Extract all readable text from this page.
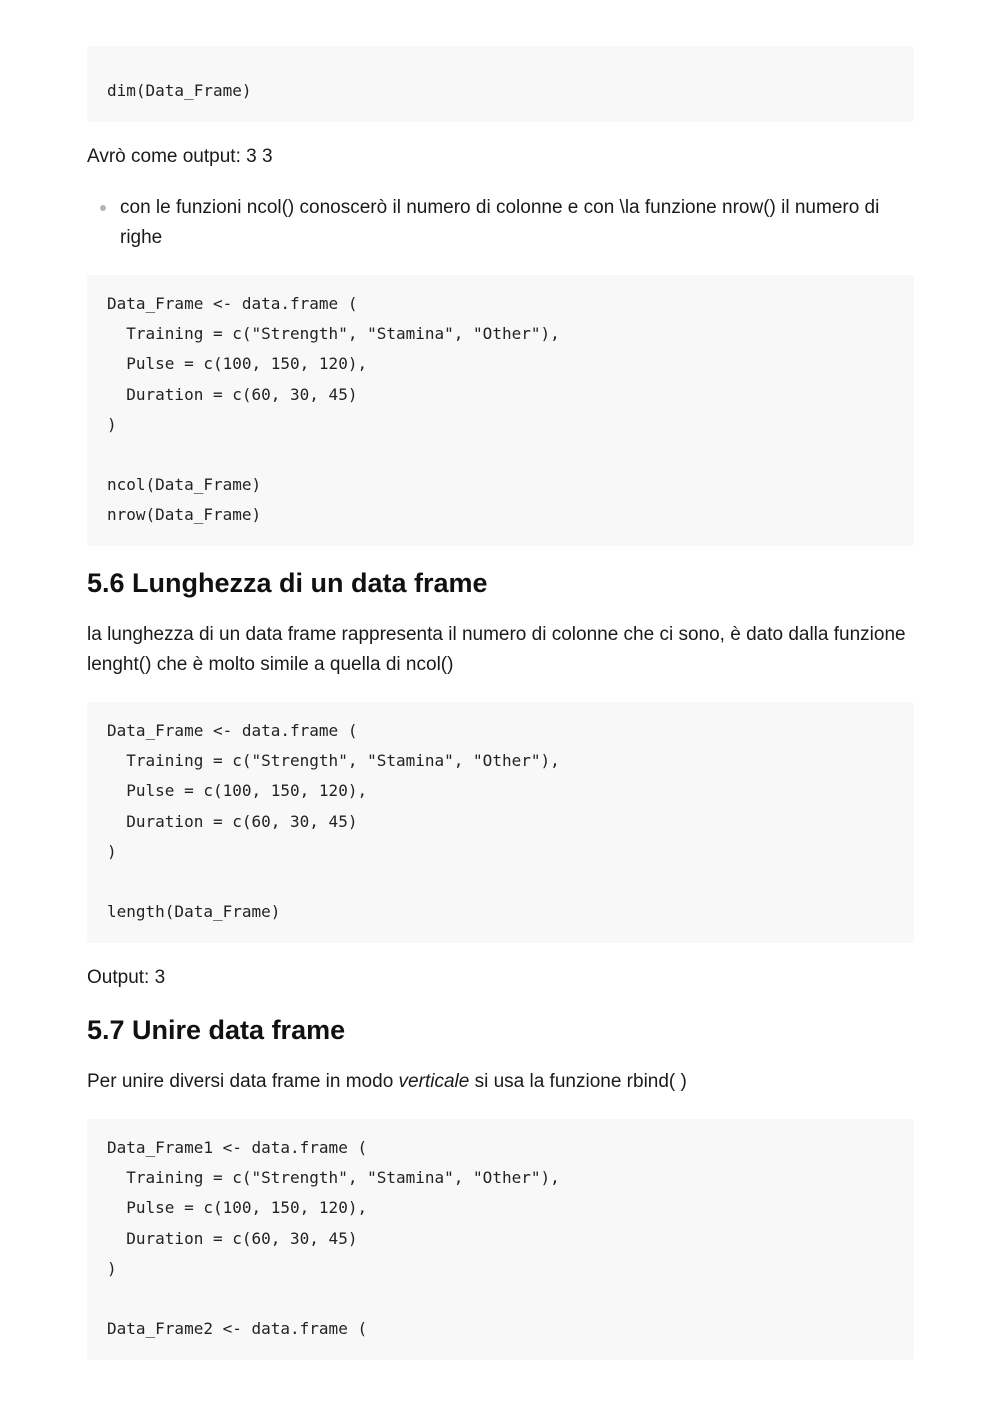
dim(Data_Frame)

Avrò come output: 3 3

con le funzioni ncol() conoscerò il numero di colonne e con \la funzione nrow() il numero di righe
Data_Frame <- data.frame (
Training = c("Strength", "Stamina", "Other"),
Pulse = c(100, 150, 120),
Duration = c(60, 30, 45)
)
ncol(Data_Frame)
nrow(Data_Frame)
5.6 Lunghezza di un data frame

la lunghezza di un data frame rappresenta il numero di colonne che ci sono, è dato dalla funzione lenght() che è molto simile a quella di ncol()

Data_Frame <- data.frame (
Training = c("Strength", "Stamina", "Other"),
Pulse = c(100, 150, 120),
Duration = c(60, 30, 45)
)
length(Data_Frame)

Output: 3

5.7 Unire data frame

Per unire diversi data frame in modo verticale si usa la funzione rbind( )

Data_Frame1 <- data.frame (
Training = c("Strength", "Stamina", "Other"),
Pulse = c(100, 150, 120),
Duration = c(60, 30, 45)
)
Data_Frame2 <- data.frame (
